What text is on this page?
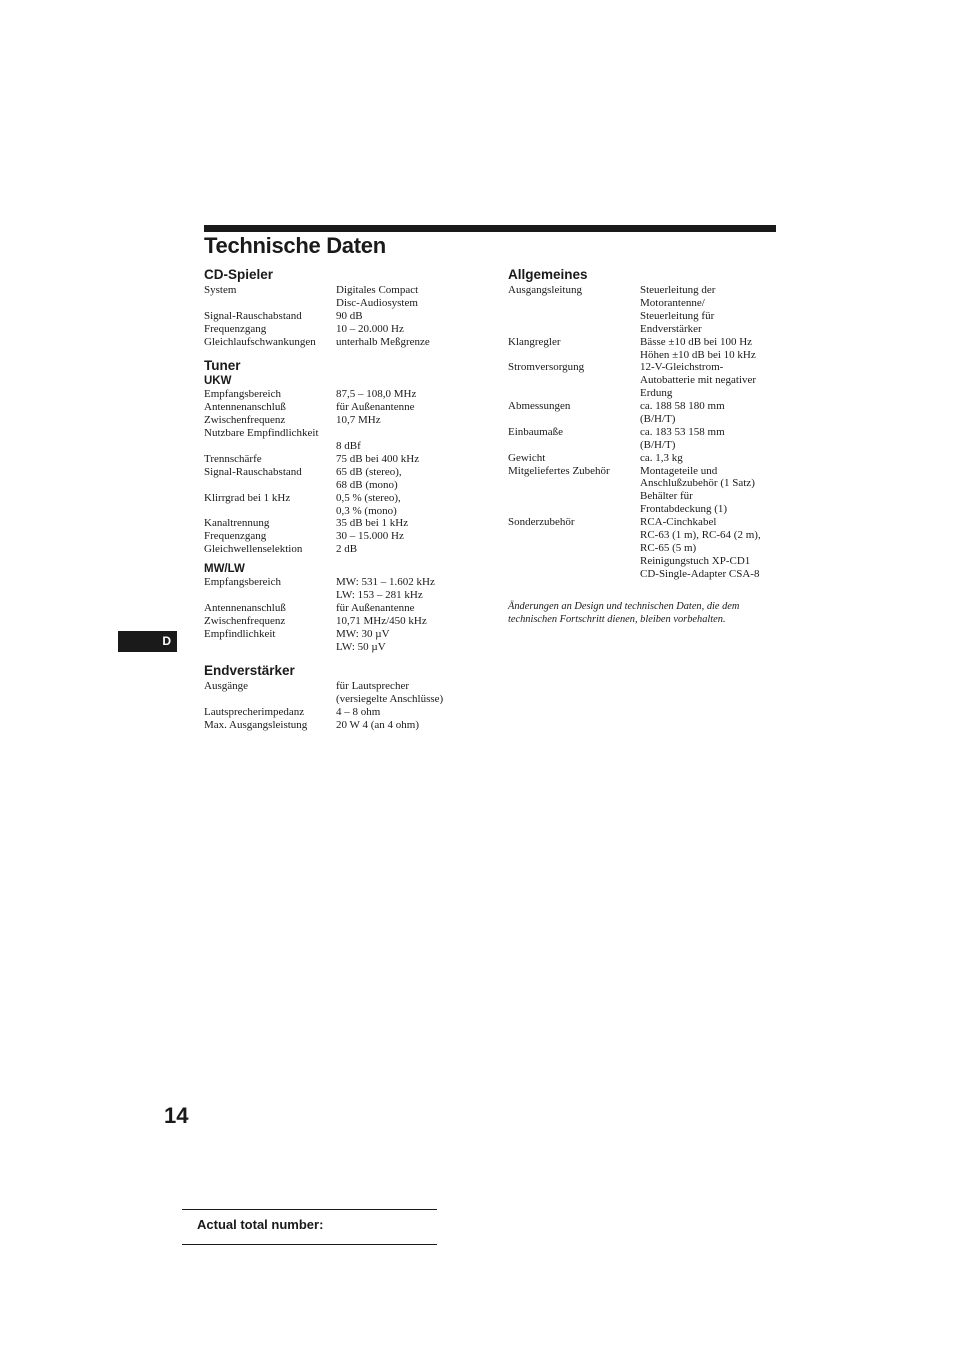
Technische Daten
CD-Spieler
System	Digitales Compact
Disc-Audiosystem
Signal-Rauschabstand	90 dB
Frequenzgang	10 – 20.000 Hz
Gleichlaufschwankungen	unterhalb Meßgrenze
Tuner
UKW
Empfangsbereich	87,5 – 108,0 MHz
Antennenanschluß	für Außenantenne
Zwischenfrequenz	10,7 MHz
Nutzbare Empfindlichkeit

8 dBf
Trennschärfe	75 dB bei 400 kHz
Signal-Rauschabstand	65 dB (stereo),
68 dB (mono)
Klirrgrad bei 1 kHz	0,5 % (stereo),
0,3 % (mono)
Kanaltrennung	35 dB bei 1 kHz
Frequenzgang	30 – 15.000 Hz
Gleichwellenselektion	2 dB
MW/LW
Empfangsbereich	MW: 531 – 1.602 kHz
LW: 153 – 281 kHz
Antennenanschluß	für Außenantenne
Zwischenfrequenz	10,71 MHz/450 kHz
Empfindlichkeit	MW: 30 µV
LW: 50 µV
Endverstärker
Ausgänge	für Lautsprecher
(versiegelte Anschlüsse)
Lautsprecherimpedanz	4 – 8 ohm
Max. Ausgangsleistung	20 W 4 (an 4 ohm)
Allgemeines
Ausgangsleitung	Steuerleitung der
Motorantenne/
Steuerleitung für
Endverstärker
Klangregler	Bässe ±10 dB bei 100 Hz
Höhen ±10 dB bei 10 kHz
Stromversorgung	12-V-Gleichstrom-
Autobatterie mit negativer
Erdung
Abmessungen	ca. 188 58 180 mm
(B/H/T)
Einbaumaße	ca. 183 53 158 mm
(B/H/T)
Gewicht	ca. 1,3 kg
Mitgeliefertes Zubehör	Montageteile und
Anschlußzubehör (1 Satz)
Behälter für
Frontabdeckung (1)
Sonderzubehör	RCA-Cinchkabel
RC-63 (1 m), RC-64 (2 m),
RC-65 (5 m)
Reinigungstuch XP-CD1
CD-Single-Adapter CSA-8

Änderungen an Design und technischen Daten, die dem technischen Fortschritt dienen, bleiben vorbehalten.

D
14
Actual total number:
